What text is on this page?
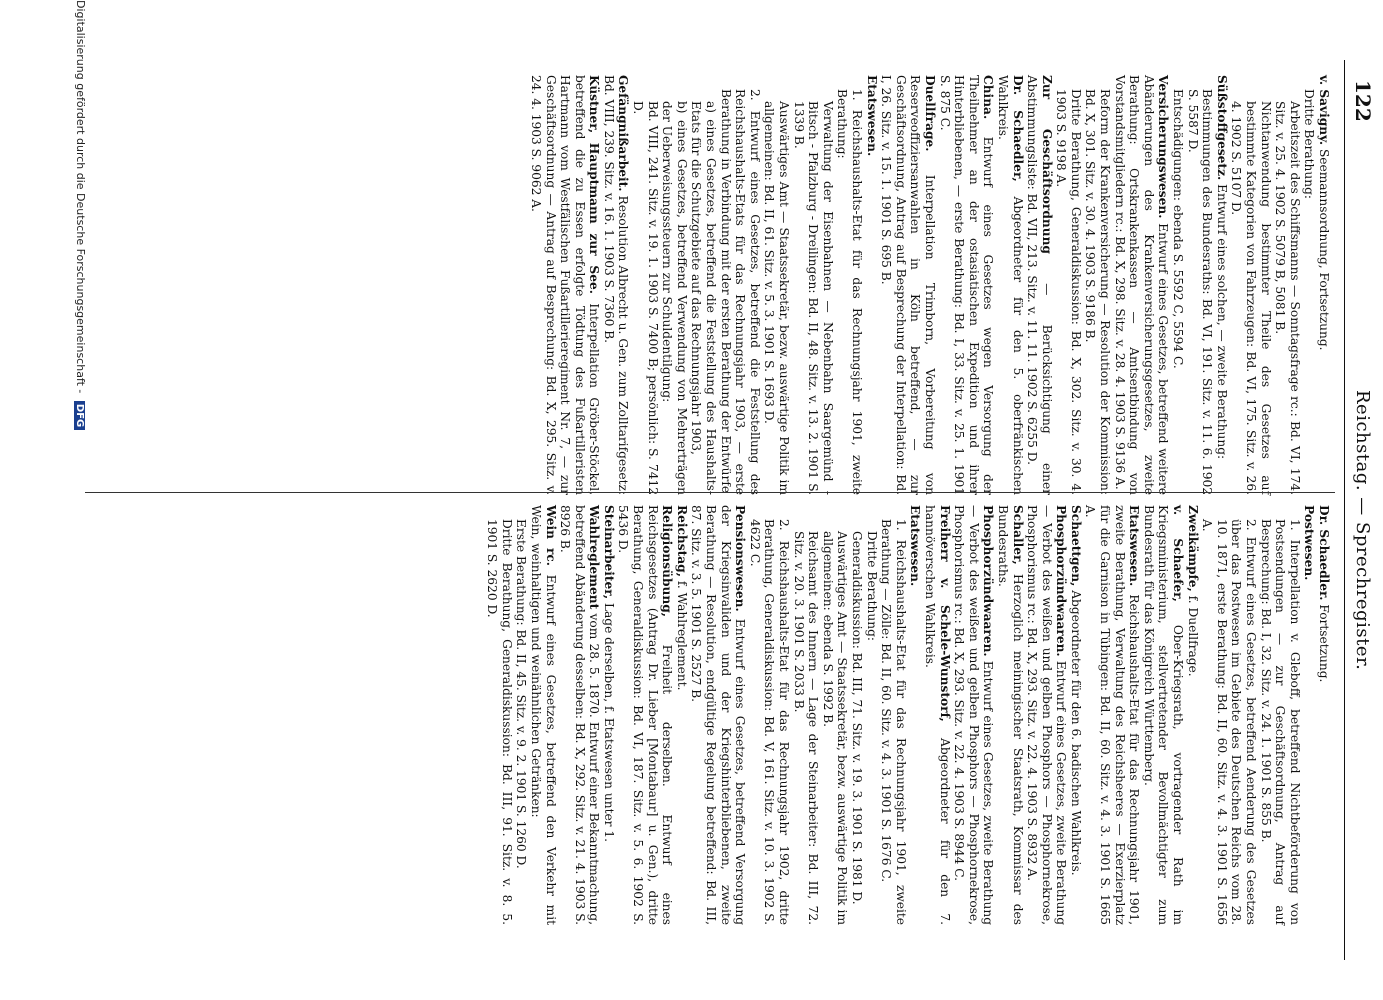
122
Reichstag. — Sprechregister.
v. Savigny. Seemannsordnung, Fortsetzung.
Dritte Berathung:
Arbeitszeit des Schiffsmanns — Sonntagsfrage rc.: Bd. VI, 174. Sitz. v. 25. 4. 1902 S. 5079 B, 5081 B.
Nichtanwendung bestimmter Theile des Gesetzes auf bestimmte Kategorien von Fahrzeugen: Bd. VI, 175. Sitz. v. 26. 4. 1902 S. 5107 D.
Süßstoffgesetz. Entwurf eines solchen, — zweite Berathung:
Bestimmungen des Bundesraths: Bd. VI, 191. Sitz. v. 11. 6. 1902 S. 5587 D.
Entschädigungen: ebenda S. 5592 C, 5594 C.
Versicherungswesen. Entwurf eines Gesetzes, betreffend weitere Abänderungen des Krankenversicherungsgesetzes, zweite Berathung: Ortskrankenkassen — Amtsentbindung von Vorstandsmitgliedern rc.: Bd. X, 298. Sitz. v. 28. 4. 1903 S. 9136 A.
Reform der Krankenversicherung — Resolution der Kommission: Bd. X, 301. Sitz. v. 30. 4. 1903 S. 9186 B.
Dritte Berathung, Generaldiskussion: Bd. X, 302. Sitz. v. 30. 4. 1903 S. 9198 A.
Zur Geschäftsordnung — Berücksichtigung einer Abstimmungsliste: Bd. VII, 213. Sitz. v. 11. 11. 1902 S. 6255 D.
Dr. Schaedler, Abgeordneter für den 5. oberfränkischen Wahlkreis.
China. Entwurf eines Gesetzes wegen Versorgung der Theilnehmer an der ostasiatischen Expedition und ihrer Hinterbliebenen, — erste Berathung: Bd. I, 33. Sitz. v. 25. 1. 1901 S. 875 C.
Duellfrage. Interpellation Trimborn, Vorbereitung von Reserveoffiziersanwahlen in Köln betreffend, — zur Geschäftsordnung, Antrag auf Besprechung der Interpellation: Bd. I, 26. Sitz. v. 15. 1. 1901 S. 695 B.
Etatswesen.
1. Reichshaushalts-Etat für das Rechnungsjahr 1901, zweite Berathung:
Verwaltung der Eisenbahnen — Nebenbahn Saargemünd - Bitsch - Pfalzburg - Dreilingen: Bd. II, 48. Sitz. v. 13. 2. 1901 S. 1339 B.
Auswärtiges Amt — Staatssekretär, bezw. auswärtige Politik im allgemeinen: Bd. II, 61. Sitz. v. 5. 3. 1901 S. 1693 D.
2. Entwurf eines Gesetzes, betreffend die Feststellung des Reichshaushalts-Etats für das Rechnungsjahr 1903, — erste Berathung in Verbindung mit der ersten Berathung der Entwürfe
a) eines Gesetzes, betreffend die Feststellung des Haushalts-Etats für die Schutzgebiete auf das Rechnungsjahr 1903,
b) eines Gesetzes, betreffend Verwendung von Mehrerträgen der Ueberweisungssteuern zur Schuldentilgung:
Bd. VIII, 241. Sitz. v. 19. 1. 1903 S. 7400 B; persönlich: S. 7412 D.
Gefängnißarbeit. Resolution Albrecht u. Gen. zum Zolltarifgesetz: Bd. VIII, 239. Sitz. v. 16. 1. 1903 S. 7360 B.
Küstner, Hauptmann zur See. Interpellation Gröber-Stöckel, betreffend die zu Essen erfolgte Tödtung des Fußartilleristen Hartmann vom Westfälischen Fußartillerieregiment Nr. 7, — zur Geschäftsordnung — Antrag auf Besprechung: Bd. X, 295. Sitz. v. 24. 4. 1903 S. 9062 A.
Dr. Schaedler. Fortsetzung.
Postwesen.
1. Interpellation v. Gleboff, betreffend Nichtbeförderung von Postsendungen — zur Geschäftsordnung, Antrag auf Besprechung: Bd. I, 32. Sitz. v. 24. 1. 1901 S. 855 B.
2. Entwurf eines Gesetzes, betreffend Aenderung des Gesetzes über das Postwesen im Gebiete des Deutschen Reichs vom 28. 10. 1871, erste Berathung: Bd. II, 60. Sitz. v. 4. 3. 1901 S. 1656 A.
Zweikämpfe, f. Duellfrage.
v. Schaefer, Ober-Kriegsrath, vortragender Rath im Kriegsministerium, stellvertretender Bevollmächtigter zum Bundesrath für das Königreich Württemberg.
Etatswesen. Reichshaushalts-Etat für das Rechnungsjahr 1901, zweite Berathung, Verwaltung des Reichsheeres — Exerzierplatz für die Garnison in Tübingen: Bd. II, 60. Sitz. v. 4. 3. 1901 S. 1665 A.
Schaettgen, Abgeordneter für den 6. badischen Wahlkreis.
Phosphorzündwaaren. Entwurf eines Gesetzes, zweite Berathung — Verbot des weißen und gelben Phosphors — Phosphornekrose, Phosphorismus rc.: Bd. X, 293. Sitz. v. 22. 4. 1903 S. 8932 A.
Schaller, Herzoglich meiningischer Staatsrath, Kommissar des Bundesraths.
Phosphorzündwaaren. Entwurf eines Gesetzes, zweite Berathung — Verbot des weißen und gelben Phosphors — Phosphornekrose, Phosphorismus rc.: Bd. X, 293. Sitz. v. 22. 4. 1903 S. 8944 C.
Freiherr v. Schele-Wunstorf, Abgeordneter für den 7. hannöverschen Wahlkreis.
Etatswesen.
1. Reichshaushalts-Etat für das Rechnungsjahr 1901, zweite Berathung — Zölle: Bd. II, 60. Sitz. v. 4. 3. 1901 S. 1676 C.
Dritte Berathung:
Generaldiskussion: Bd. III, 71. Sitz. v. 19. 3. 1901 S. 1981 D.
Auswärtiges Amt — Staatssekretär, bezw. auswärtige Politik im allgemeinen: ebenda S. 1992 B.
Reichsamt des Innern — Lage der Steinarbeiter: Bd. III, 72. Sitz. v. 20. 3. 1901 S. 2033 B.
2. Reichshaushalts-Etat für das Rechnungsjahr 1902, dritte Berathung, Generaldiskussion: Bd. V, 161. Sitz. v. 10. 3. 1902 S. 4622 C.
Pensionswesen. Entwurf eines Gesetzes, betreffend Versorgung der Kriegsinvaliden und der Kriegshinterbliebenen, zweite Berathung — Resolution, endgültige Regelung betreffend: Bd. III, 87. Sitz. v. 3. 5. 1901 S. 2527 B.
Reichstag, f. Wahlreglement.
Religionsübung, Freiheit derselben. Entwurf eines Reichsgesetzes (Antrag Dr. Lieber [Montabaur] u. Gen.), dritte Berathung, Generaldiskussion: Bd. VI, 187. Sitz. v. 5. 6. 1902 S. 5436 D.
Steinarbeiter, Lage derselben, f. Etatswesen unter 1.
Wahlreglement vom 28. 5. 1870. Entwurf einer Bekanntmachung, betreffend Abänderung desselben: Bd. X, 292. Sitz. v. 21. 4. 1903 S. 8926 B.
Wein rc. Entwurf eines Gesetzes, betreffend den Verkehr mit Wein, weinhaltigen und weinähnlichen Getränken:
Erste Berathung: Bd. II, 45. Sitz. v. 9. 2. 1901 S. 1260 D.
Dritte Berathung, Generaldiskussion: Bd. III, 91. Sitz. v. 8. 5. 1901 S. 2620 D.
Digitalisierung gefördert durch die Deutsche Forschungsgemeinschaft - DFG
